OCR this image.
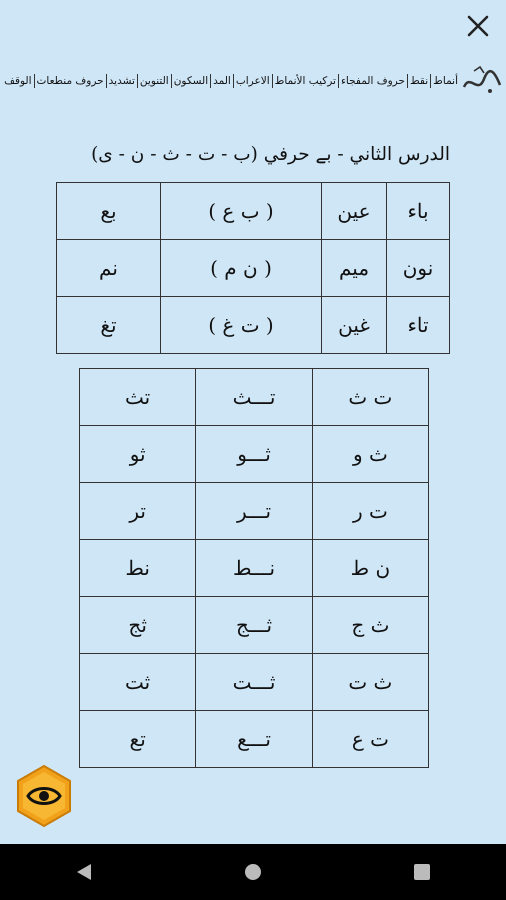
أنماط
نقط
حروف المفجاء
تركيب الأنماط
الاعراب
المد
السكون
التنوين
تشديد
حروف منطعات
الوقف
الدرس الثاني - بے حرفي (ب - ت - ث - ن - ی)
باء	عين	( ب ع )	بع
نون	ميم	( ن م )	نم
تاء	غين	( ت غ )	تغ
ت ث	تـــث	تث
ث و	ثـــو	ثو
ت ر	تـــر	تر
ن ط	نـــط	نط
ث ج	ثـــج	ثج
ث ت	ثـــت	ثت
ت ع	تـــع	تع
